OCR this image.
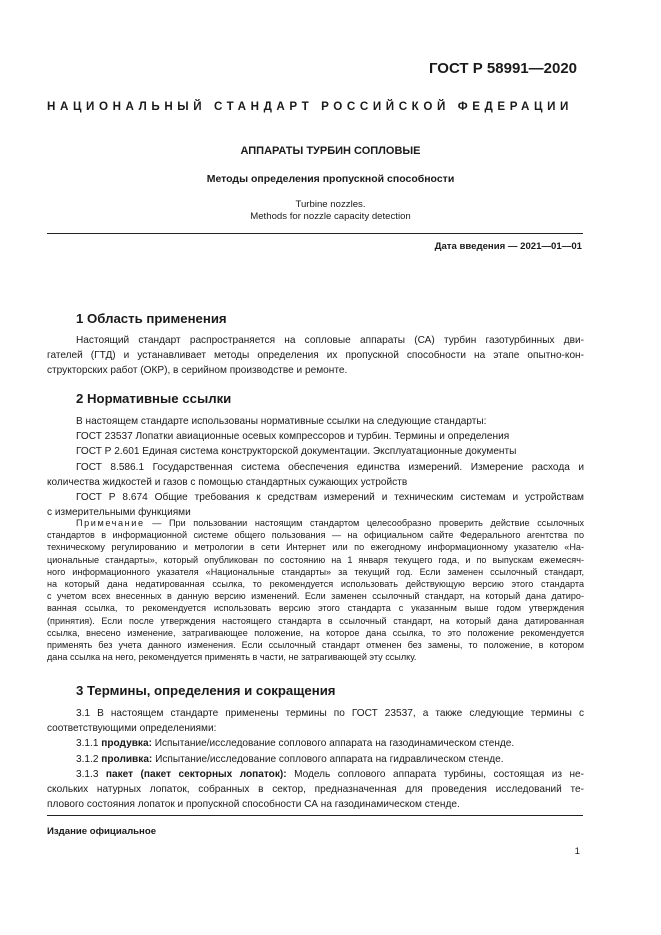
ГОСТ Р 58991—2020
НАЦИОНАЛЬНЫЙ СТАНДАРТ РОССИЙСКОЙ ФЕДЕРАЦИИ
АППАРАТЫ ТУРБИН СОПЛОВЫЕ
Методы определения пропускной способности
Turbine nozzles.
Methods for nozzle capacity detection
Дата введения — 2021—01—01
1 Область применения
Настоящий стандарт распространяется на сопловые аппараты (СА) турбин газотурбинных дви-
гателей (ГТД) и устанавливает методы определения их пропускной способности на этапе опытно-кон-
структорских работ (ОКР), в серийном производстве и ремонте.
2 Нормативные ссылки
В настоящем стандарте использованы нормативные ссылки на следующие стандарты:
ГОСТ 23537 Лопатки авиационные осевых компрессоров и турбин. Термины и определения
ГОСТ Р 2.601 Единая система конструкторской документации. Эксплуатационные документы
ГОСТ 8.586.1 Государственная система обеспечения единства измерений. Измерение расхода и
количества жидкостей и газов с помощью стандартных сужающих устройств
ГОСТ Р 8.674 Общие требования к средствам измерений и техническим системам и устройствам
с измерительными функциями
Примечание — При пользовании настоящим стандартом целесообразно проверить действие ссылочных
стандартов в информационной системе общего пользования — на официальном сайте Федерального агентства по
техническому регулированию и метрологии в сети Интернет или по ежегодному информационному указателю «На-
циональные стандарты», который опубликован по состоянию на 1 января текущего года, и по выпускам ежемесяч-
ного информационного указателя «Национальные стандарты» за текущий год. Если заменен ссылочный стандарт,
на который дана недатированная ссылка, то рекомендуется использовать действующую версию этого стандарта
с учетом всех внесенных в данную версию изменений. Если заменен ссылочный стандарт, на который дана датиро-
ванная ссылка, то рекомендуется использовать версию этого стандарта с указанным выше годом утверждения
(принятия). Если после утверждения настоящего стандарта в ссылочный стандарт, на который дана датированная
ссылка, внесено изменение, затрагивающее положение, на которое дана ссылка, то это положение рекомендуется
применять без учета данного изменения. Если ссылочный стандарт отменен без замены, то положение, в котором
дана ссылка на него, рекомендуется применять в части, не затрагивающей эту ссылку.
3 Термины, определения и сокращения
3.1 В настоящем стандарте применены термины по ГОСТ 23537, а также следующие термины с
соответствующими определениями:
3.1.1 продувка: Испытание/исследование соплового аппарата на газодинамическом стенде.
3.1.2 проливка: Испытание/исследование соплового аппарата на гидравлическом стенде.
3.1.3 пакет (пакет секторных лопаток): Модель соплового аппарата турбины, состоящая из не-
скольких натурных лопаток, собранных в сектор, предназначенная для проведения исследований те-
плового состояния лопаток и пропускной способности СА на газодинамическом стенде.
Издание официальное
1
